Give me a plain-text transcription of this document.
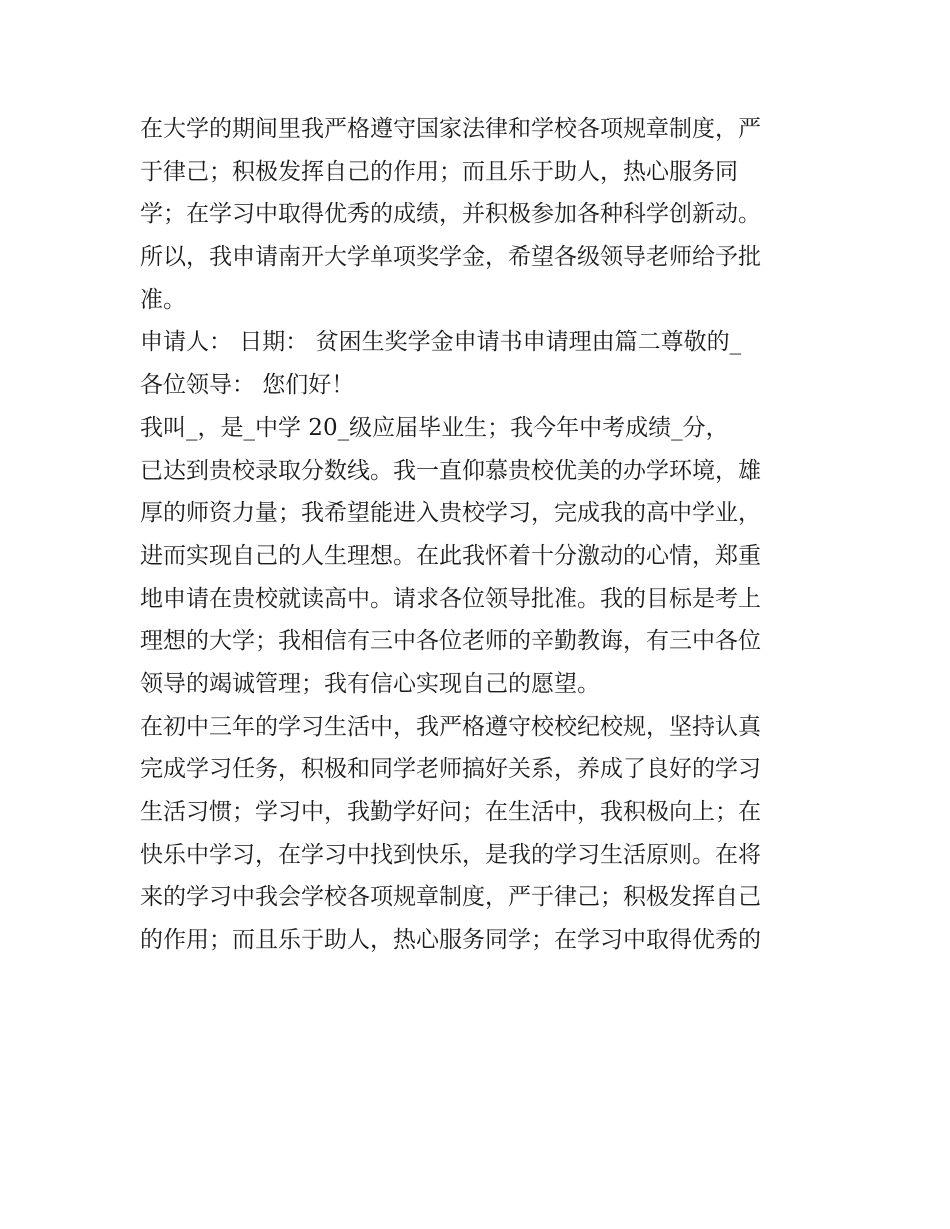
在大学的期间里我严格遵守国家法律和学校各项规章制度，严
于律己；积极发挥自己的作用；而且乐于助人，热心服务同
学；在学习中取得优秀的成绩，并积极参加各种科学创新动。
所以，我申请南开大学单项奖学金，希望各级领导老师给予批
准。
申请人： 日期： 贫困生奖学金申请书申请理由篇二尊敬的_
各位领导： 您们好！
我叫_，是_中学 20_级应届毕业生；我今年中考成绩_分，
已达到贵校录取分数线。我一直仰慕贵校优美的办学环境，雄
厚的师资力量；我希望能进入贵校学习，完成我的高中学业，
进而实现自己的人生理想。在此我怀着十分激动的心情，郑重
地申请在贵校就读高中。请求各位领导批准。我的目标是考上
理想的大学；我相信有三中各位老师的辛勤教诲，有三中各位
领导的竭诚管理；我有信心实现自己的愿望。
在初中三年的学习生活中，我严格遵守校校纪校规，坚持认真
完成学习任务，积极和同学老师搞好关系，养成了良好的学习
生活习惯；学习中，我勤学好问；在生活中，我积极向上；在
快乐中学习，在学习中找到快乐，是我的学习生活原则。在将
来的学习中我会学校各项规章制度，严于律己；积极发挥自己
的作用；而且乐于助人，热心服务同学；在学习中取得优秀的
